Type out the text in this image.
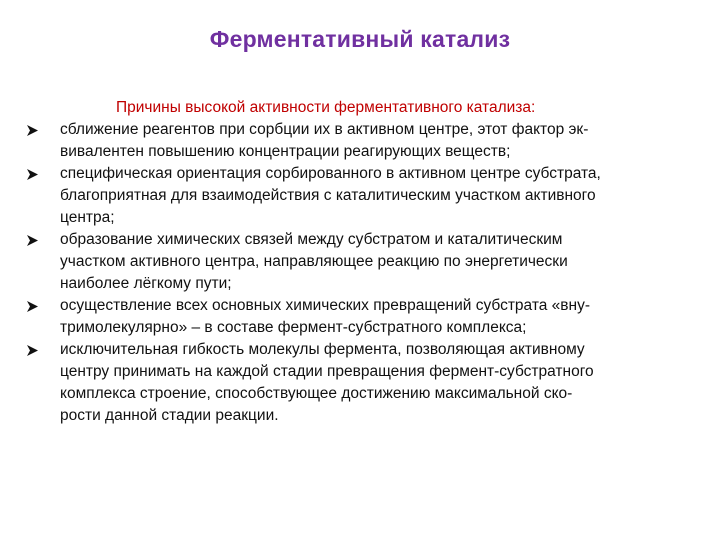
Ферментативный катализ
Причины высокой активности ферментативного катализа:
сближение реагентов при сорбции их в активном центре, этот фактор эк-
вивалентен повышению концентрации реагирующих веществ;
специфическая ориентация сорбированного в активном центре субстрата,
благоприятная для взаимодействия с каталитическим участком активного
центра;
образование химических связей между субстратом и каталитическим
участком активного центра, направляющее реакцию по энергетически
наиболее лёгкому пути;
осуществление всех основных химических превращений субстрата «вну-
тримолекулярно» – в составе фермент-субстратного комплекса;
исключительная гибкость молекулы фермента, позволяющая активному
центру принимать на каждой стадии превращения фермент-субстратного
комплекса строение, способствующее достижению максимальной ско-
рости данной стадии реакции.
